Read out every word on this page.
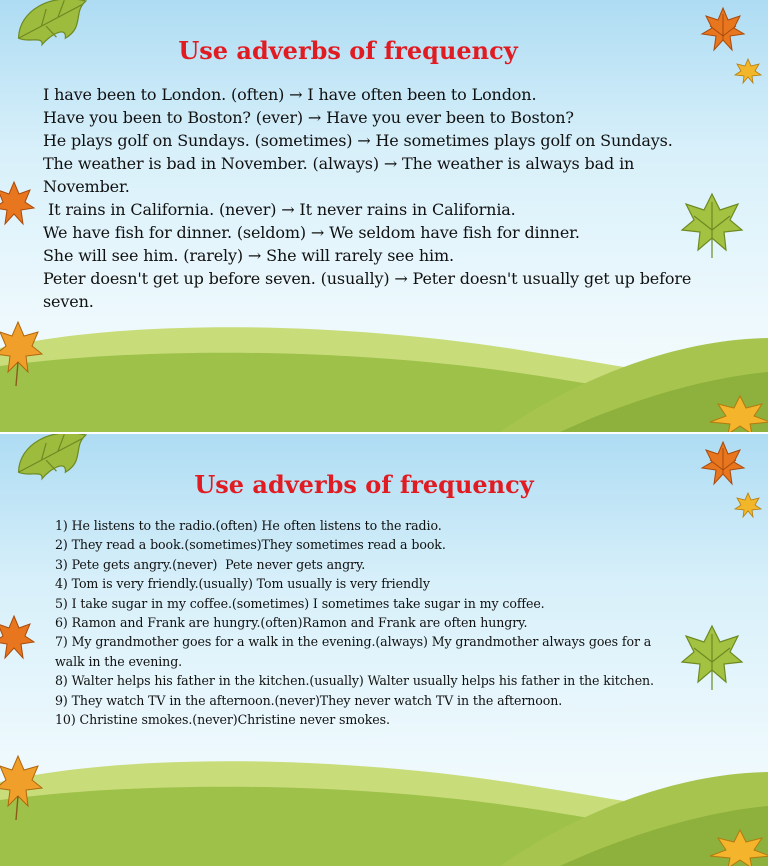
Use adverbs of frequency
I have been to London. (often) → I have often been to London.
Have you been to Boston? (ever) → Have you ever been to Boston?
He plays golf on Sundays. (sometimes) → He sometimes plays golf on Sundays.
The weather is bad in November. (always) → The weather is always bad in November.
It rains in California. (never) → It never rains in California.
We have fish for dinner. (seldom) → We seldom have fish for dinner.
She will see him. (rarely) → She will rarely see him.
Peter doesn't get up before seven. (usually) → Peter doesn't usually get up before seven.
Use adverbs of frequency
1) He listens to the radio.(often) He often listens to the radio.
2) They read a book.(sometimes)They sometimes read a book.
3) Pete gets angry.(never)  Pete never gets angry.
4) Tom is very friendly.(usually) Tom usually is very friendly
5) I take sugar in my coffee.(sometimes) I sometimes take sugar in my coffee.
6) Ramon and Frank are hungry.(often)Ramon and Frank are often hungry.
7) My grandmother goes for a walk in the evening.(always) My grandmother always goes for a walk in the evening.
8) Walter helps his father in the kitchen.(usually) Walter usually helps his father in the kitchen.
9) They watch TV in the afternoon.(never)They never watch TV in the afternoon.
10) Christine smokes.(never)Christine never smokes.
